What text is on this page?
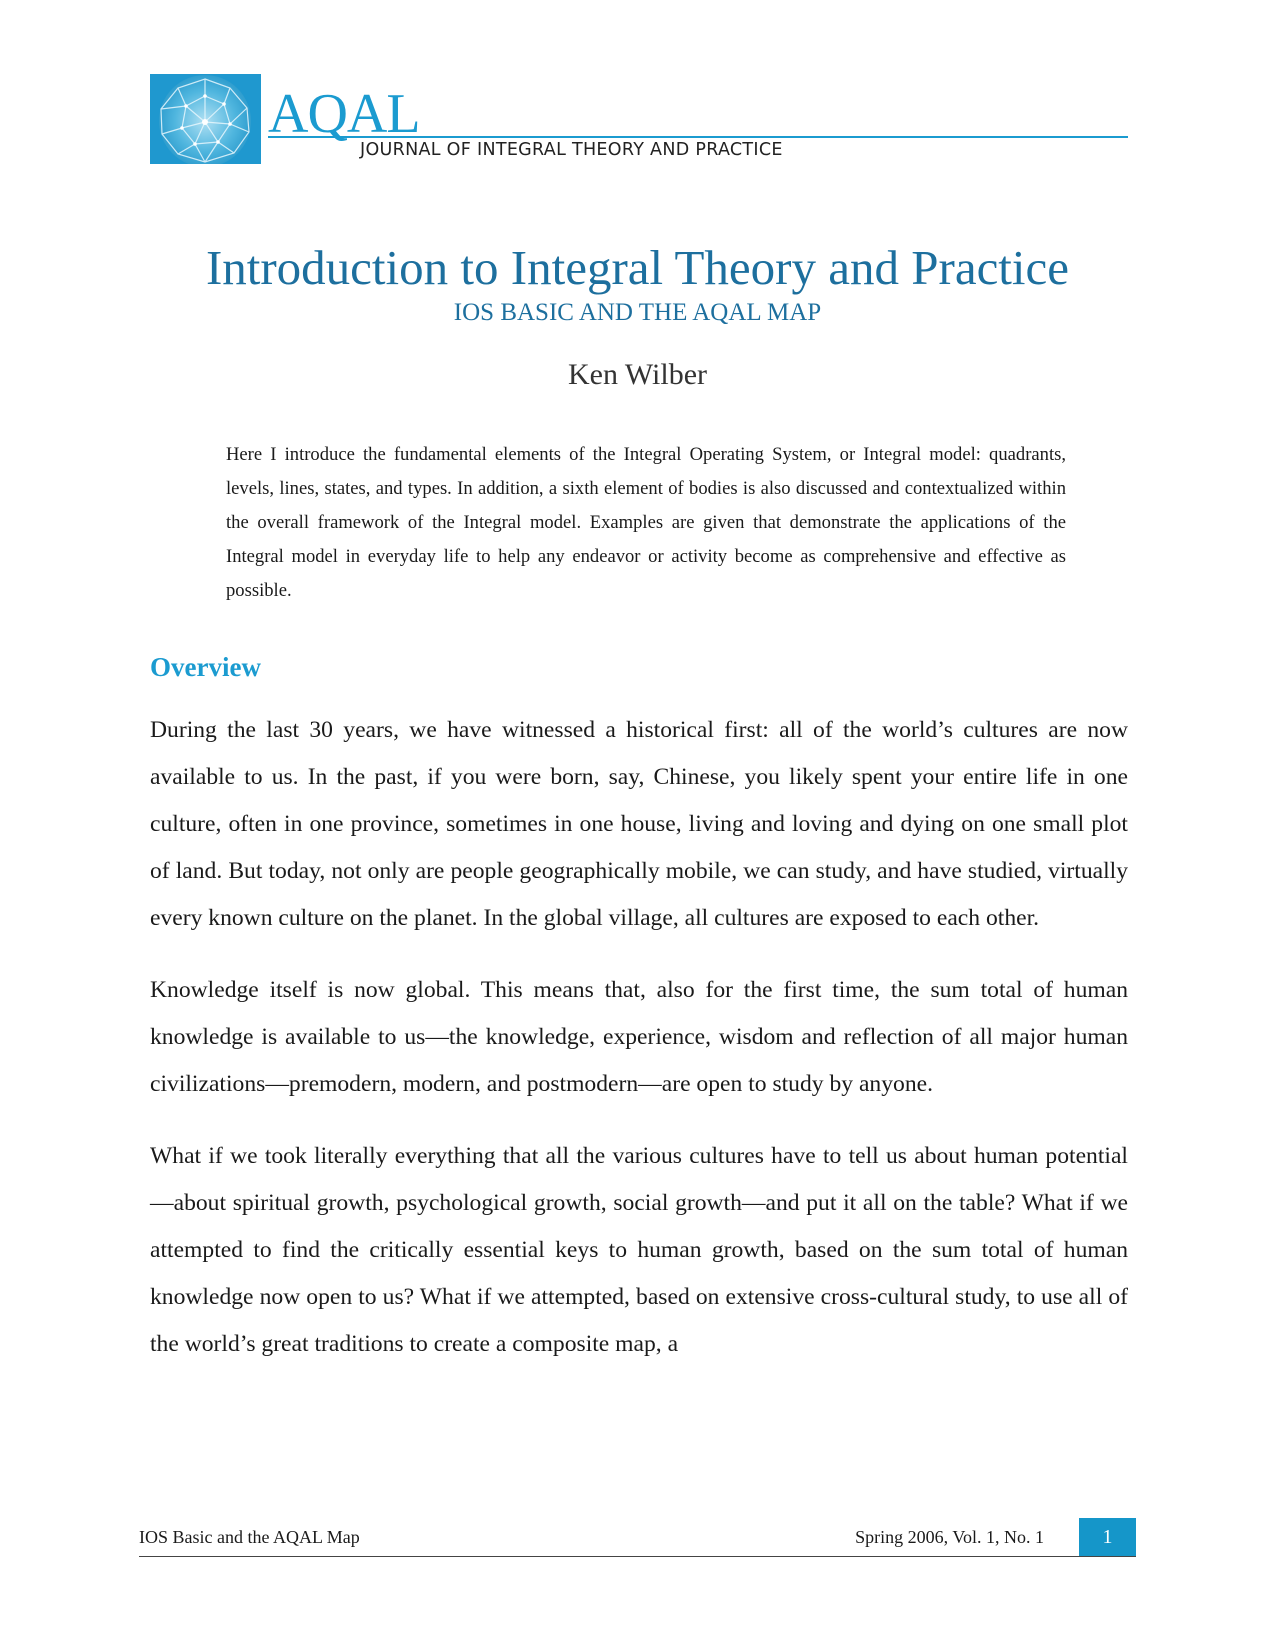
AQAL
JOURNAL OF INTEGRAL THEORY AND PRACTICE
Introduction to Integral Theory and Practice
IOS BASIC AND THE AQAL MAP
Ken Wilber

Here I introduce the fundamental elements of the Integral Operating System, or Integral model: quadrants, levels, lines, states, and types. In addition, a sixth element of bodies is also discussed and contextualized within the overall framework of the Integral model. Examples are given that demonstrate the applications of the Integral model in everyday life to help any endeavor or activity become as comprehensive and effective as possible.

Overview

During the last 30 years, we have witnessed a historical first: all of the world’s cultures are now available to us. In the past, if you were born, say, Chinese, you likely spent your entire life in one culture, often in one province, sometimes in one house, living and loving and dying on one small plot of land. But today, not only are people geographically mobile, we can study, and have studied, virtually every known culture on the planet. In the global village, all cultures are exposed to each other.

Knowledge itself is now global. This means that, also for the first time, the sum total of human knowledge is available to us—the knowledge, experience, wisdom and reflection of all major human civilizations—premodern, modern, and postmodern—are open to study by anyone.

What if we took literally everything that all the various cultures have to tell us about human potential—about spiritual growth, psychological growth, social growth—and put it all on the table? What if we attempted to find the critically essential keys to human growth, based on the sum total of human knowledge now open to us? What if we attempted, based on extensive cross-cultural study, to use all of the world’s great traditions to create a composite map, a

IOS Basic and the AQAL Map	Spring 2006, Vol. 1, No. 1	1
